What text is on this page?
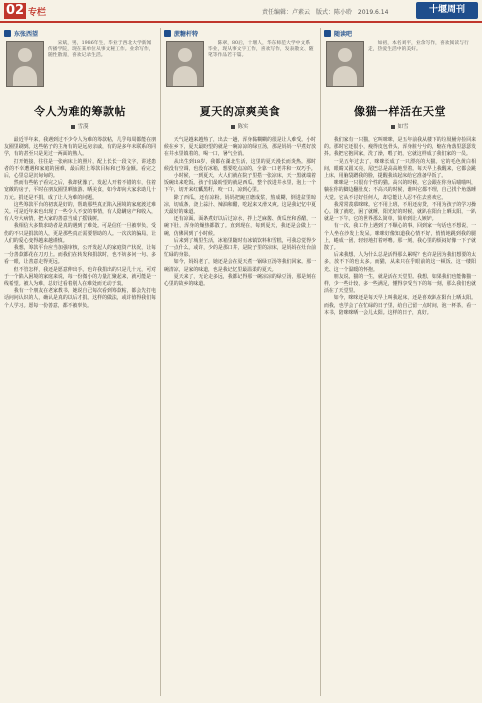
02 专栏	责任编辑：卢素云 版式：陈小聆 2019.6.14	十堰周刊
东张西望
宋斌，男，1986年生，毕业于西北大学新闻传播学院，现在某单位从事文秘工作。业余写作，随性散漫，喜欢记录生活。
令人为难的筹款帖
雪漠

最近半年来，我遇到过不少令人为难的筹款帖，几乎每周都能在朋友圈里刷到。这些帖子的主角有的是远房亲戚，有的是多年未联系的同学，有的甚至只是见过一两面的熟人。

打开链接，往往是一张病床上的照片，配上长长一段文字，讲述患者的不幸遭遇和家庭的困难，最后附上筹款目标和已筹金额。看完之后，心里总是沉甸甸的。

然而有些帖子看完之后，我却犹豫了。发起人开着不错的车，住着宽敞的房子，平时在朋友圈里晒旅游、晒美食，如今却向大家求助几十万元。捐还是不捐，成了让人为难的问题。

这些筹款平台的初衷是好的，帮助那些真正陷入困境的家庭渡过难关。可是近年来也出现了一些令人不安的事情，有人隐瞒房产和收入，有人夸大病情，把大家的善意当成了摇钱树。

我相信大多数求助者是真的遇到了难处。可是信任一旦被辜负，受伤的不只是捐款的人，更是那些真正需要帮助的人。一次次的骗局，让人们的爱心变得越来越谨慎。

我想，筹款平台应当加强审核，公开发起人的家庭资产状况，让每一分善款都花在刀刃上。而我们在转发和捐款时，也不妨多问一句、多看一眼，让善意走得更远。

但不管怎样，我还是愿意伸出手。也许我捐出的只是几十元，可对于一个陷入困境的家庭来说，每一份微小的力量汇聚起来，就可能是一线希望。被人为难，总好过看着别人在难处而无动于衷。

我有一个朋友在老家教书，她说自己每次看到筹款帖，都会先打电话问问认识的人，确认是真的以后才捐。这样的做法，或许值得我们每个人学习。愿每一份善意，都不被辜负。

蔗糖杆特
陈翠，80后，十堰人，华东师范大学中文系毕业，现从事文字工作，喜欢写作，发表散文、随笔等作品若干篇。
夏天的凉爽美食
陈实

天气是越来越热了，出去一趟，浑身黏糊糊的很是让人难受。小时候在乡下，夏天最盼望的就是一碗凉凉的绿豆汤，那是妈妈一早煮好放在井水里镇着的，喝一口，暑气全消。

从出生到18岁，我都在湖北生活，这里的夏天漫长而炎热。那时候没有空调，也没有冰箱，想要吃点凉的，全靠一口老井和一双巧手。

小时候，一到夏天，大人们就在院子里搭一张凉床，天一黑就端着饭碗出来吃饭。孩子们最盼望的就是西瓜，整个放进井水里，泡上一个下午，切开来红瓤黑籽，咬一口，凉到心里。

除了西瓜，还有凉粉。妈妈把豌豆磨成浆，熬成糊，倒进盆里晾凉，切成条，浇上蒜汁、辣油和醋，吃起来又滑又爽。这是我记忆中夏天最好的味道。

还有凉面。面条煮好以后过凉水，拌上芝麻酱、黄瓜丝和香醋，一碗下肚，浑身的燥热都散了。直到现在，每到夏天，我还是会做上一碗，仿佛回到了小时候。

后来到了城里生活，冰箱里随时有冰镇饮料和雪糕，可我总觉得少了一点什么。或许，少的是那口井，是院子里的凉床，是妈妈在灶台前忙碌的身影。

如今，妈妈老了，她还是会在夏天煮一锅绿豆汤等我们回家。那一碗清凉，是家的味道，也是我记忆里最温柔的夏天。

夏天来了，无论走多远，我都记得那一碗凉凉的绿豆汤，那是刻在心里的故乡的味道。

随读吧
如初，本名刘平，业余写作，喜欢阅读与行走，热爱生活中的美好。
像猫一样活在天堂
如雪

我们家有一只猫，它叫咪咪，是五年前我从楼下的垃圾桶旁捡回来的。那时它还很小，瘦得皮包骨头，浑身脏兮兮的，缩在角落里瑟瑟发抖。我把它抱回家，洗了澡，喂了奶，它就这样成了我们家的一员。

一晃五年过去了，咪咪长成了一只漂亮的大猫。它的毛色黄白相间，眼睛又圆又亮，尾巴总是高高地竖着。每天早上我醒来，它都会跳上床，用脑袋蹭我的脸，提醒我该起床给它准备早饭了。

咪咪是一只很有个性的猫。高兴的时候，它会跟在你身后喵喵叫，躺在你的脚边翻肚皮；不高兴的时候，谁叫它都不理，自己找个角落睡大觉。它从不讨好任何人，却总能让人忍不住去喜欢它。

我常常羡慕咪咪。它不用上班，不用还房贷，不用为孩子的学习操心。饿了就吃，困了就睡，阳光好的时候，就趴在阳台上晒太阳，一趴就是一下午。它的世界那么简单，简单到让人嫉妒。

有一次，我工作上遇到了不顺心的事，回到家一句话也不想说，一个人坐在沙发上发呆。咪咪好像知道我心情不好，悄悄地跳到我的腿上，蜷成一团，轻轻地打着呼噜。那一刻，我心里的烦闷好像一下子就散了。

后来我想，人为什么总是活得那么累呢？也许是因为我们想要的太多，放不下的也太多。而猫，从来只在乎眼前的这一顿饭、这一缕阳光、这一个温暖的怀抱。

朋友说，猫的一生，就是活在天堂里。我想，如果我们也能像猫一样，少一些计较，多一些满足，懂得享受当下的每一刻，那么我们也就活在了天堂里。

如今，咪咪还是每天早上叫我起床，还是喜欢趴在阳台上晒太阳。而我，也学会了在忙碌的日子里，给自己留一点时间，泡一杯茶，看一本书，陪咪咪晒一会儿太阳。这样的日子，真好。
